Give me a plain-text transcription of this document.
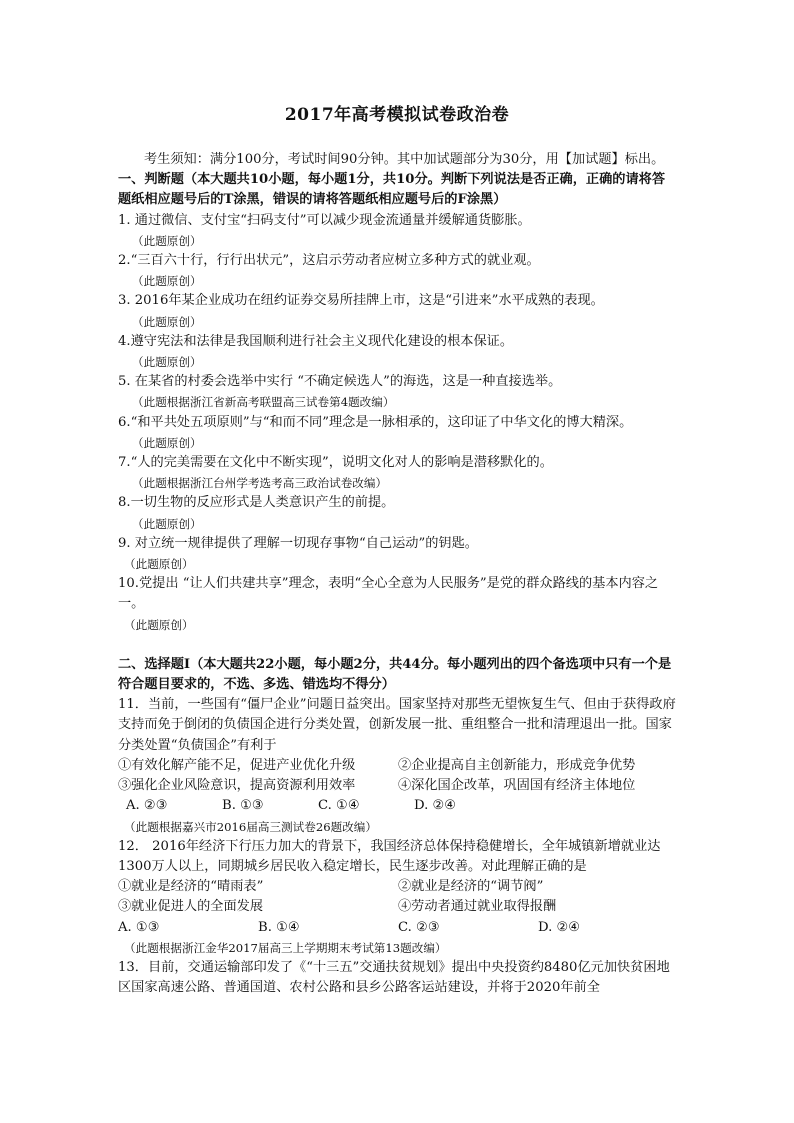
2017年高考模拟试卷政治卷

考生须知：满分100分，考试时间90分钟。其中加试题部分为30分，用【加试题】标出。

一、判断题（本大题共10小题，每小题1分，共10分。判断下列说法是否正确，正确的请将答题纸相应题号后的T涂黑，错误的请将答题纸相应题号后的F涂黑）

1. 通过微信、支付宝“扫码支付”可以减少现金流通量并缓解通货膨胀。

（此题原创）

2.“三百六十行，行行出状元”，这启示劳动者应树立多种方式的就业观。

（此题原创）

3. 2016年某企业成功在纽约证券交易所挂牌上市，这是“引进来”水平成熟的表现。

（此题原创）

4.遵守宪法和法律是我国顺利进行社会主义现代化建设的根本保证。

（此题原创）

5. 在某省的村委会选举中实行 “不确定候选人”的海选，这是一种直接选举。

（此题根据浙江省新高考联盟高三试卷第4题改编）

6.“和平共处五项原则”与“和而不同”理念是一脉相承的，这印证了中华文化的博大精深。

（此题原创）

7.“人的完美需要在文化中不断实现”，说明文化对人的影响是潜移默化的。

（此题根据浙江台州学考选考高三政治试卷改编）

8.一切生物的反应形式是人类意识产生的前提。

（此题原创）

9. 对立统一规律提供了理解一切现存事物“自己运动”的钥匙。

（此题原创）

10.党提出 “让人们共建共享”理念，表明“全心全意为人民服务”是党的群众路线的基本内容之一。

（此题原创）

二、选择题Ⅰ（本大题共22小题，每小题2分，共44分。每小题列出的四个备选项中只有一个是符合题目要求的，不选、多选、错选均不得分）

11．当前，一些国有“僵尸企业”问题日益突出。国家坚持对那些无望恢复生气、但由于获得政府支持而免于倒闭的负债国企进行分类处置，创新发展一批、重组整合一批和清理退出一批。国家分类处置“负债国企”有利于

①有效化解产能不足，促进产业优化升级	②企业提高自主创新能力，形成竞争优势
③强化企业风险意识，提高资源利用效率	④深化国企改革，巩固国有经济主体地位
A. ②③	B. ①③	C. ①④	D. ②④

（此题根据嘉兴市2016届高三测试卷26题改编）

12． 2016年经济下行压力加大的背景下，我国经济总体保持稳健增长，全年城镇新增就业达1300万人以上，同期城乡居民收入稳定增长，民生逐步改善。对此理解正确的是

①就业是经济的“晴雨表”	②就业是经济的“调节阀”
③就业促进人的全面发展	④劳动者通过就业取得报酬
A. ①③	B. ①④	C. ②③	D. ②④

（此题根据浙江金华2017届高三上学期期末考试第13题改编）

13．目前，交通运输部印发了《“十三五”交通扶贫规划》提出中央投资约8480亿元加快贫困地区国家高速公路、普通国道、农村公路和县乡公路客运站建设，并将于2020年前全
